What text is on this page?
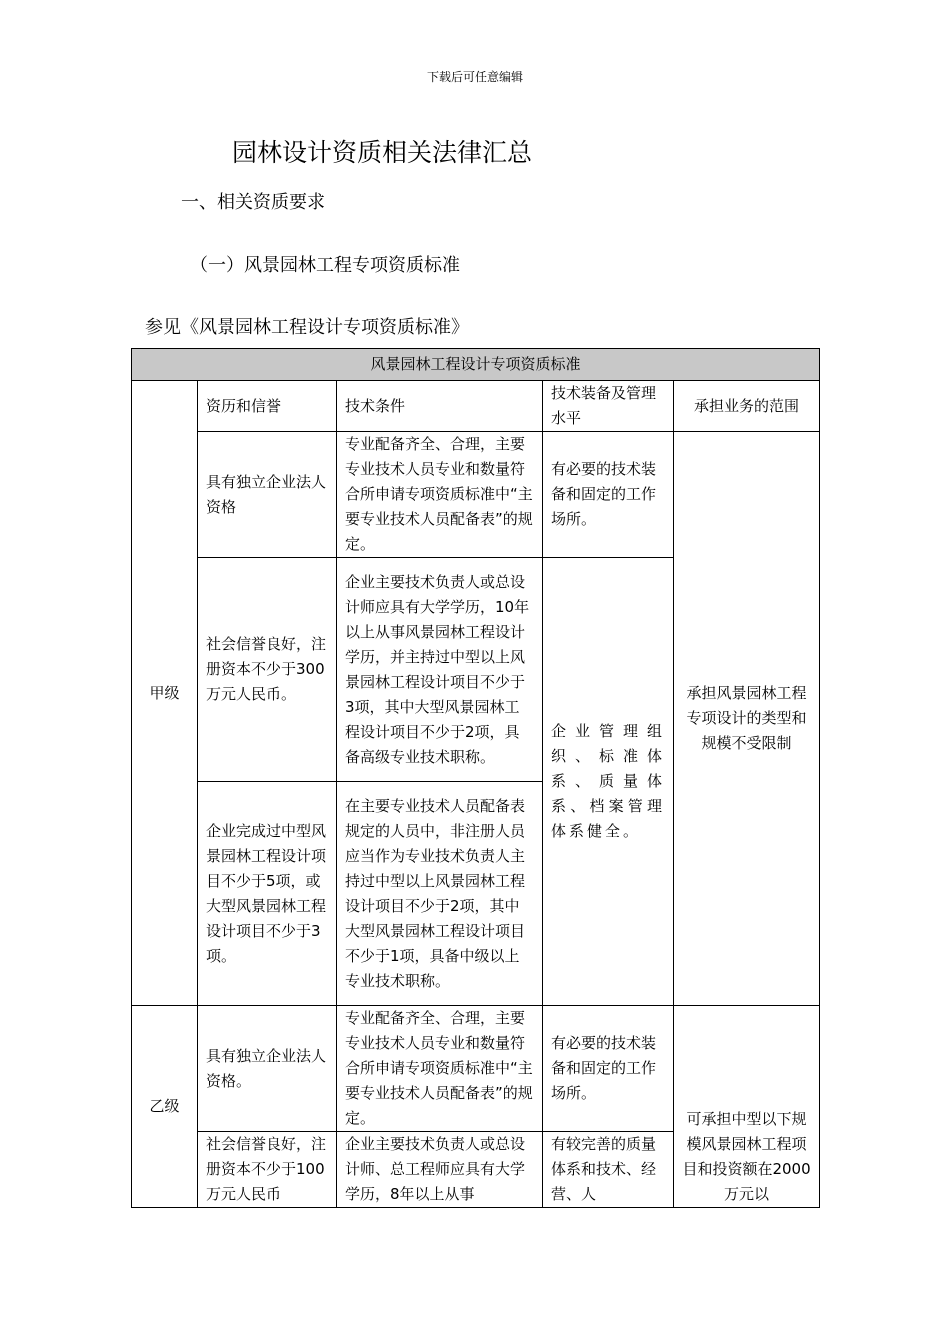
下载后可任意编辑
园林设计资质相关法律汇总
一、相关资质要求
（一）风景园林工程专项资质标准
参见《风景园林工程设计专项资质标准》
风景园林工程设计专项资质标准				
甲级	资历和信誉	技术条件	技术装备及管理水平	承担业务的范围
	具有独立企业法人资格	专业配备齐全、合理，主要专业技术人员专业和数量符合所申请专项资质标准中“主要专业技术人员配备表”的规定。	有必要的技术装备和固定的工作场所。	承担风景园林工程专项设计的类型和规模不受限制
	社会信誉良好，注册资本不少于300万元人民币。	企业主要技术负责人或总设计师应具有大学学历，10年以上从事风景园林工程设计学历，并主持过中型以上风景园林工程设计项目不少于3项，其中大型风景园林工程设计项目不少于2项，具备高级专业技术职称。	企业管理组织、标准体系、质量体系、档案管理体系健全。	
	企业完成过中型风景园林工程设计项目不少于5项，或大型风景园林工程设计项目不少于3项。	在主要专业技术人员配备表规定的人员中，非注册人员应当作为专业技术负责人主持过中型以上风景园林工程设计项目不少于2项，其中大型风景园林工程设计项目不少于1项，具备中级以上专业技术职称。		
乙级	具有独立企业法人资格。	专业配备齐全、合理，主要专业技术人员专业和数量符合所申请专项资质标准中“主要专业技术人员配备表”的规定。	有必要的技术装备和固定的工作场所。	可承担中型以下规模风景园林工程项目和投资额在2000万元以
	社会信誉良好，注册资本不少于100万元人民币	企业主要技术负责人或总设计师、总工程师应具有大学学历，8年以上从事	有较完善的质量体系和技术、经营、人	
